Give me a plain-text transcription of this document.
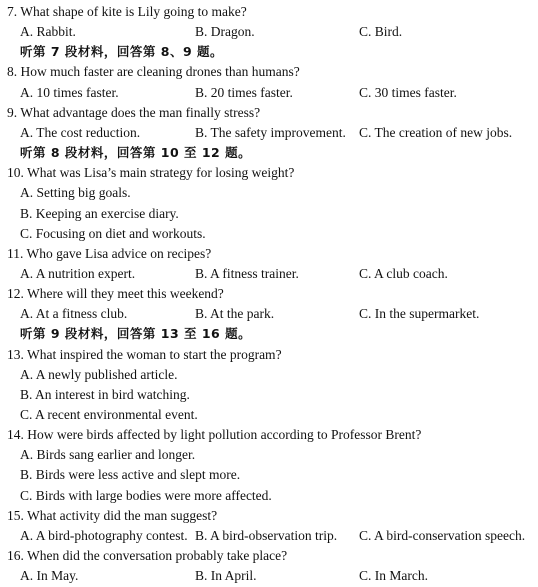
7. What shape of kite is Lily going to make?
A. Rabbit.	B. Dragon.	C. Bird.
听第 7 段材料，回答第 8、9 题。
8. How much faster are cleaning drones than humans?
A. 10 times faster.	B. 20 times faster.	C. 30 times faster.
9. What advantage does the man finally stress?
A. The cost reduction.	B. The safety improvement. C. The creation of new jobs.
听第 8 段材料，回答第 10 至 12 题。
10. What was Lisa’s main strategy for losing weight?
A. Setting big goals.
B. Keeping an exercise diary.
C. Focusing on diet and workouts.
11. Who gave Lisa advice on recipes?
A. A nutrition expert.	B. A fitness trainer.	C. A club coach.
12. Where will they meet this weekend?
A. At a fitness club.	B. At the park.	C. In the supermarket.
听第 9 段材料，回答第 13 至 16 题。
13. What inspired the woman to start the program?
A. A newly published article.
B. An interest in bird watching.
C. A recent environmental event.
14. How were birds affected by light pollution according to Professor Brent?
A. Birds sang earlier and longer.
B. Birds were less active and slept more.
C. Birds with large bodies were more affected.
15. What activity did the man suggest?
A. A bird-photography contest. B. A bird-observation trip. C. A bird-conservation speech.
16. When did the conversation probably take place?
A. In May.	B. In April.	C. In March.
